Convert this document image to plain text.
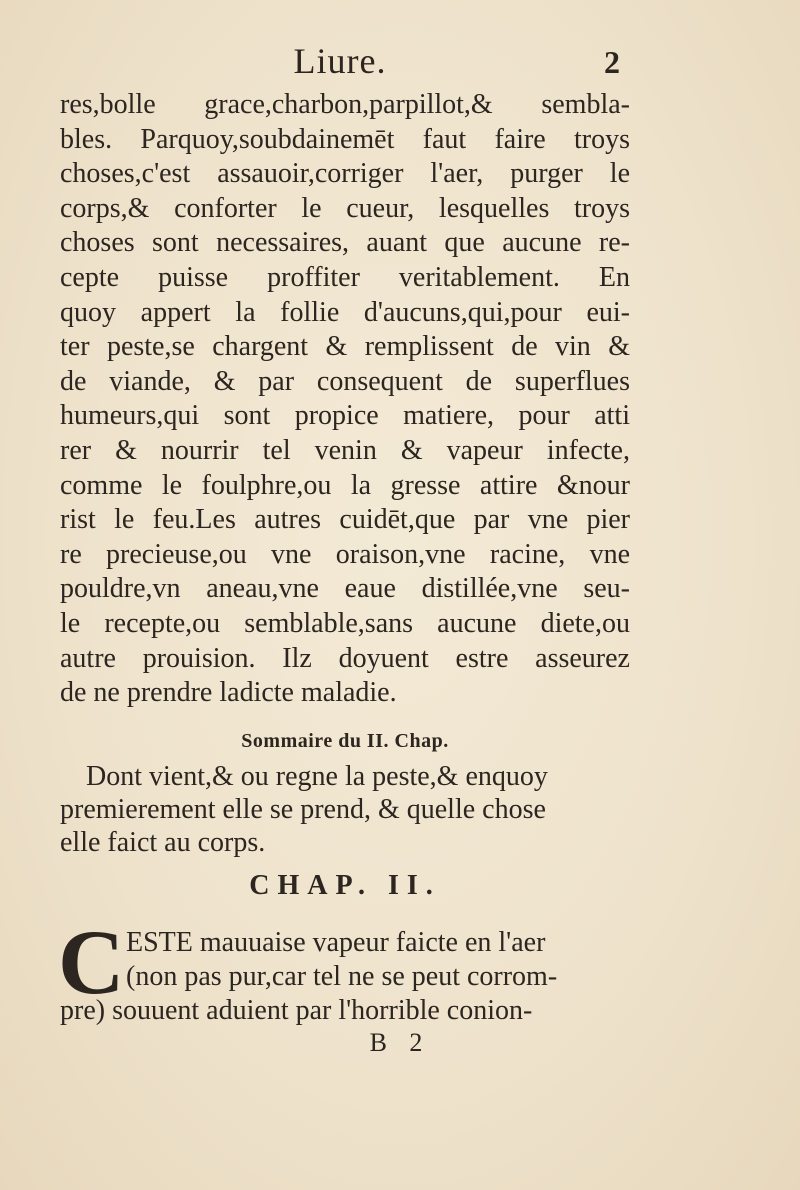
Liure.	2
res,bolle grace,charbon,parpillot,& sembla-
bles. Parquoy,soubdainemēt faut faire troys
choses,c'est assauoir,corriger l'aer, purger le
corps,& conforter le cueur, lesquelles troys
choses sont necessaires, auant que aucune re-
cepte puisse proffiter veritablement. En
quoy appert la follie d'aucuns,qui,pour eui-
ter peste,se chargent & remplissent de vin &
de viande, & par consequent de superflues
humeurs,qui sont propice matiere, pour atti
rer & nourrir tel venin & vapeur infecte,
comme le foulphre,ou la gresse attire &nour
rist le feu.Les autres cuidēt,que par vne pier
re precieuse,ou vne oraison,vne racine, vne
pouldre,vn aneau,vne eaue distillée,vne seu-
le recepte,ou semblable,sans aucune diete,ou
autre prouision. Ilz doyuent estre asseurez
de ne prendre ladicte maladie.
Sommaire du II. Chap.
Dont vient,& ou regne la peste,& enquoy
premierement elle se prend, & quelle chose
elle faict au corps.
CHAP. II.
C ESTE mauuaise vapeur faicte en l'aer
(non pas pur,car tel ne se peut corrom-
pre) souuent aduient par l'horrible conion-
B 2
